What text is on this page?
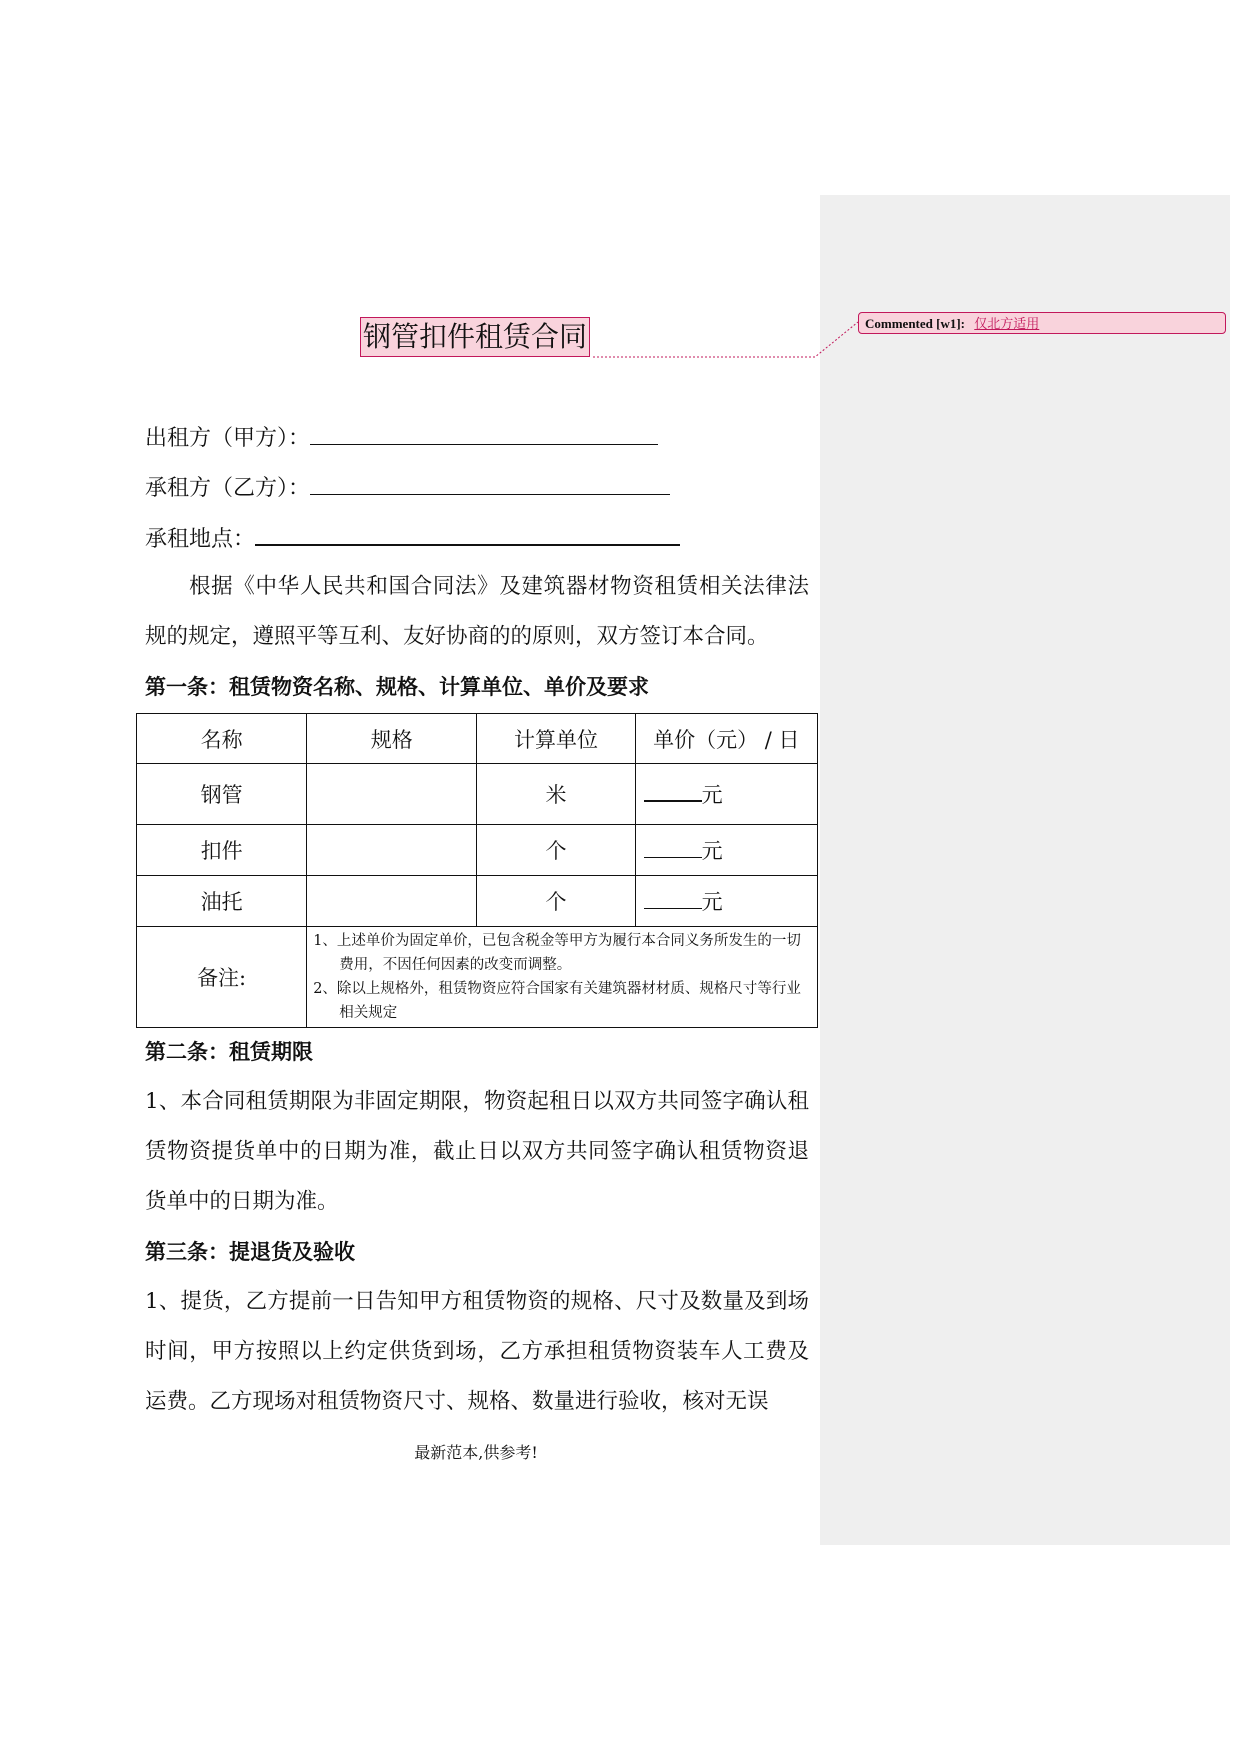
Commented [w1]: 仅北方适用
钢管扣件租赁合同
出租方（甲方）：
承租方（乙方）：
承租地点：
根据《中华人民共和国合同法》及建筑器材物资租赁相关法律法规的规定，遵照平等互利、友好协商的的原则，双方签订本合同。
第一条：租赁物资名称、规格、计算单位、单价及要求
名称	规格	计算单位	单价（元） / 日
钢管		米	元
扣件		个	元
油托		个	元
备注:	1、上述单价为固定单价，已包含税金等甲方为履行本合同义务所发生的一切费用，不因任何因素的改变而调整。
2、除以上规格外，租赁物资应符合国家有关建筑器材材质、规格尺寸等行业相关规定		
第二条：租赁期限
1、本合同租赁期限为非固定期限，物资起租日以双方共同签字确认租赁物资提货单中的日期为准，截止日以双方共同签字确认租赁物资退货单中的日期为准。
第三条：提退货及验收
1、提货，乙方提前一日告知甲方租赁物资的规格、尺寸及数量及到场时间，甲方按照以上约定供货到场，乙方承担租赁物资装车人工费及运费。乙方现场对租赁物资尺寸、规格、数量进行验收，核对无误
最新范本,供参考!
